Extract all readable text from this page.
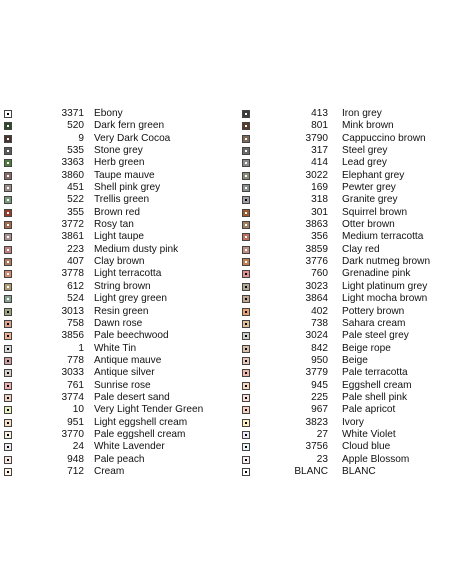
3371 Ebony
520 Dark fern green
9 Very Dark Cocoa
535 Stone grey
3363 Herb green
3860 Taupe mauve
451 Shell pink grey
522 Trellis green
355 Brown red
3772 Rosy tan
3861 Light taupe
223 Medium dusty pink
407 Clay brown
3778 Light terracotta
612 String brown
524 Light grey green
3013 Resin green
758 Dawn rose
3856 Pale beechwood
1 White Tin
778 Antique mauve
3033 Antique silver
761 Sunrise rose
3774 Pale desert sand
10 Very Light Tender Green
951 Light eggshell cream
3770 Pale eggshell cream
24 White Lavender
948 Pale peach
712 Cream
413 Iron grey
801 Mink brown
3790 Cappuccino brown
317 Steel grey
414 Lead grey
3022 Elephant grey
169 Pewter grey
318 Granite grey
301 Squirrel brown
3863 Otter brown
356 Medium terracotta
3859 Clay red
3776 Dark nutmeg brown
760 Grenadine pink
3023 Light platinum grey
3864 Light mocha brown
402 Pottery brown
738 Sahara cream
3024 Pale steel grey
842 Beige rope
950 Beige
3779 Pale terracotta
945 Eggshell cream
225 Pale shell pink
967 Pale apricot
3823 Ivory
27 White Violet
3756 Cloud blue
23 Apple Blossom
BLANC BLANC
